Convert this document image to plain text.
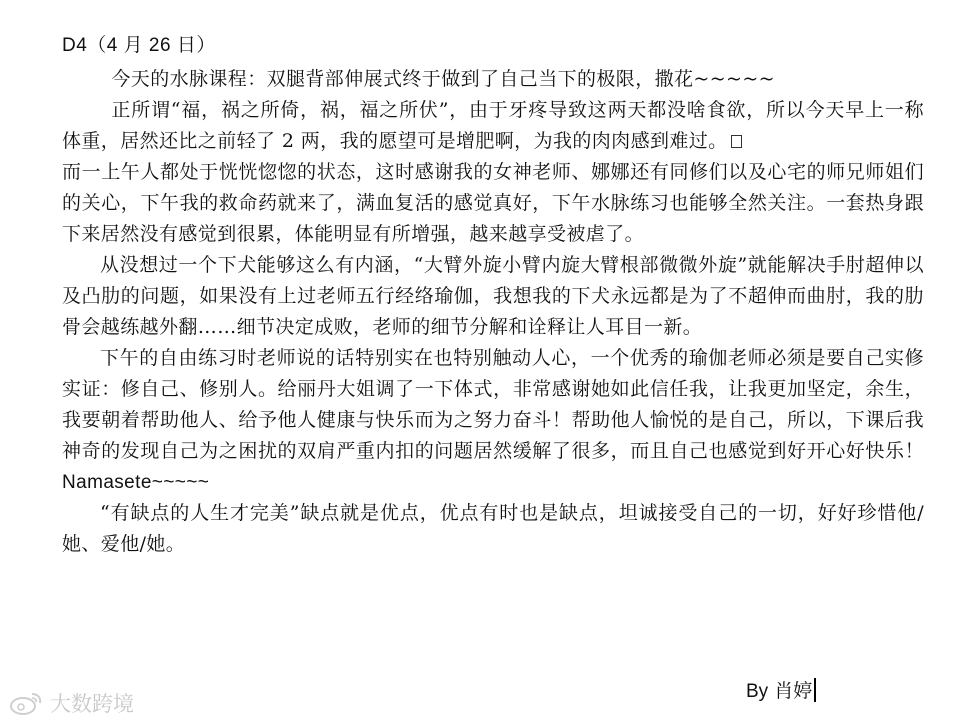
D4（4 月 26 日）

今天的水脉课程：双腿背部伸展式终于做到了自己当下的极限，撒花~~~~~

正所谓“福，祸之所倚，祸，福之所伏”，由于牙疼导致这两天都没啥食欲，所以今天早上一称体重，居然还比之前轻了 2 两，我的愿望可是增肥啊，为我的肉肉感到难过。

而一上午人都处于恍恍惚惚的状态，这时感谢我的女神老师、娜娜还有同修们以及心宅的师兄师姐们的关心，下午我的救命药就来了，满血复活的感觉真好，下午水脉练习也能够全然关注。一套热身跟下来居然没有感觉到很累，体能明显有所增强，越来越享受被虐了。

从没想过一个下犬能够这么有内涵，“大臂外旋小臂内旋大臂根部微微外旋”就能解决手肘超伸以及凸肋的问题，如果没有上过老师五行经络瑜伽，我想我的下犬永远都是为了不超伸而曲肘，我的肋骨会越练越外翻……细节决定成败，老师的细节分解和诠释让人耳目一新。

下午的自由练习时老师说的话特别实在也特别触动人心，一个优秀的瑜伽老师必须是要自己实修实证：修自己、修别人。给丽丹大姐调了一下体式，非常感谢她如此信任我，让我更加坚定，余生，我要朝着帮助他人、给予他人健康与快乐而为之努力奋斗！帮助他人愉悦的是自己，所以，下课后我神奇的发现自己为之困扰的双肩严重内扣的问题居然缓解了很多，而且自己也感觉到好开心好快乐！Namasete~~~~~

“有缺点的人生才完美”缺点就是优点，优点有时也是缺点，坦诚接受自己的一切，好好珍惜他/她、爱他/她。

By 肖婷
大数跨境
